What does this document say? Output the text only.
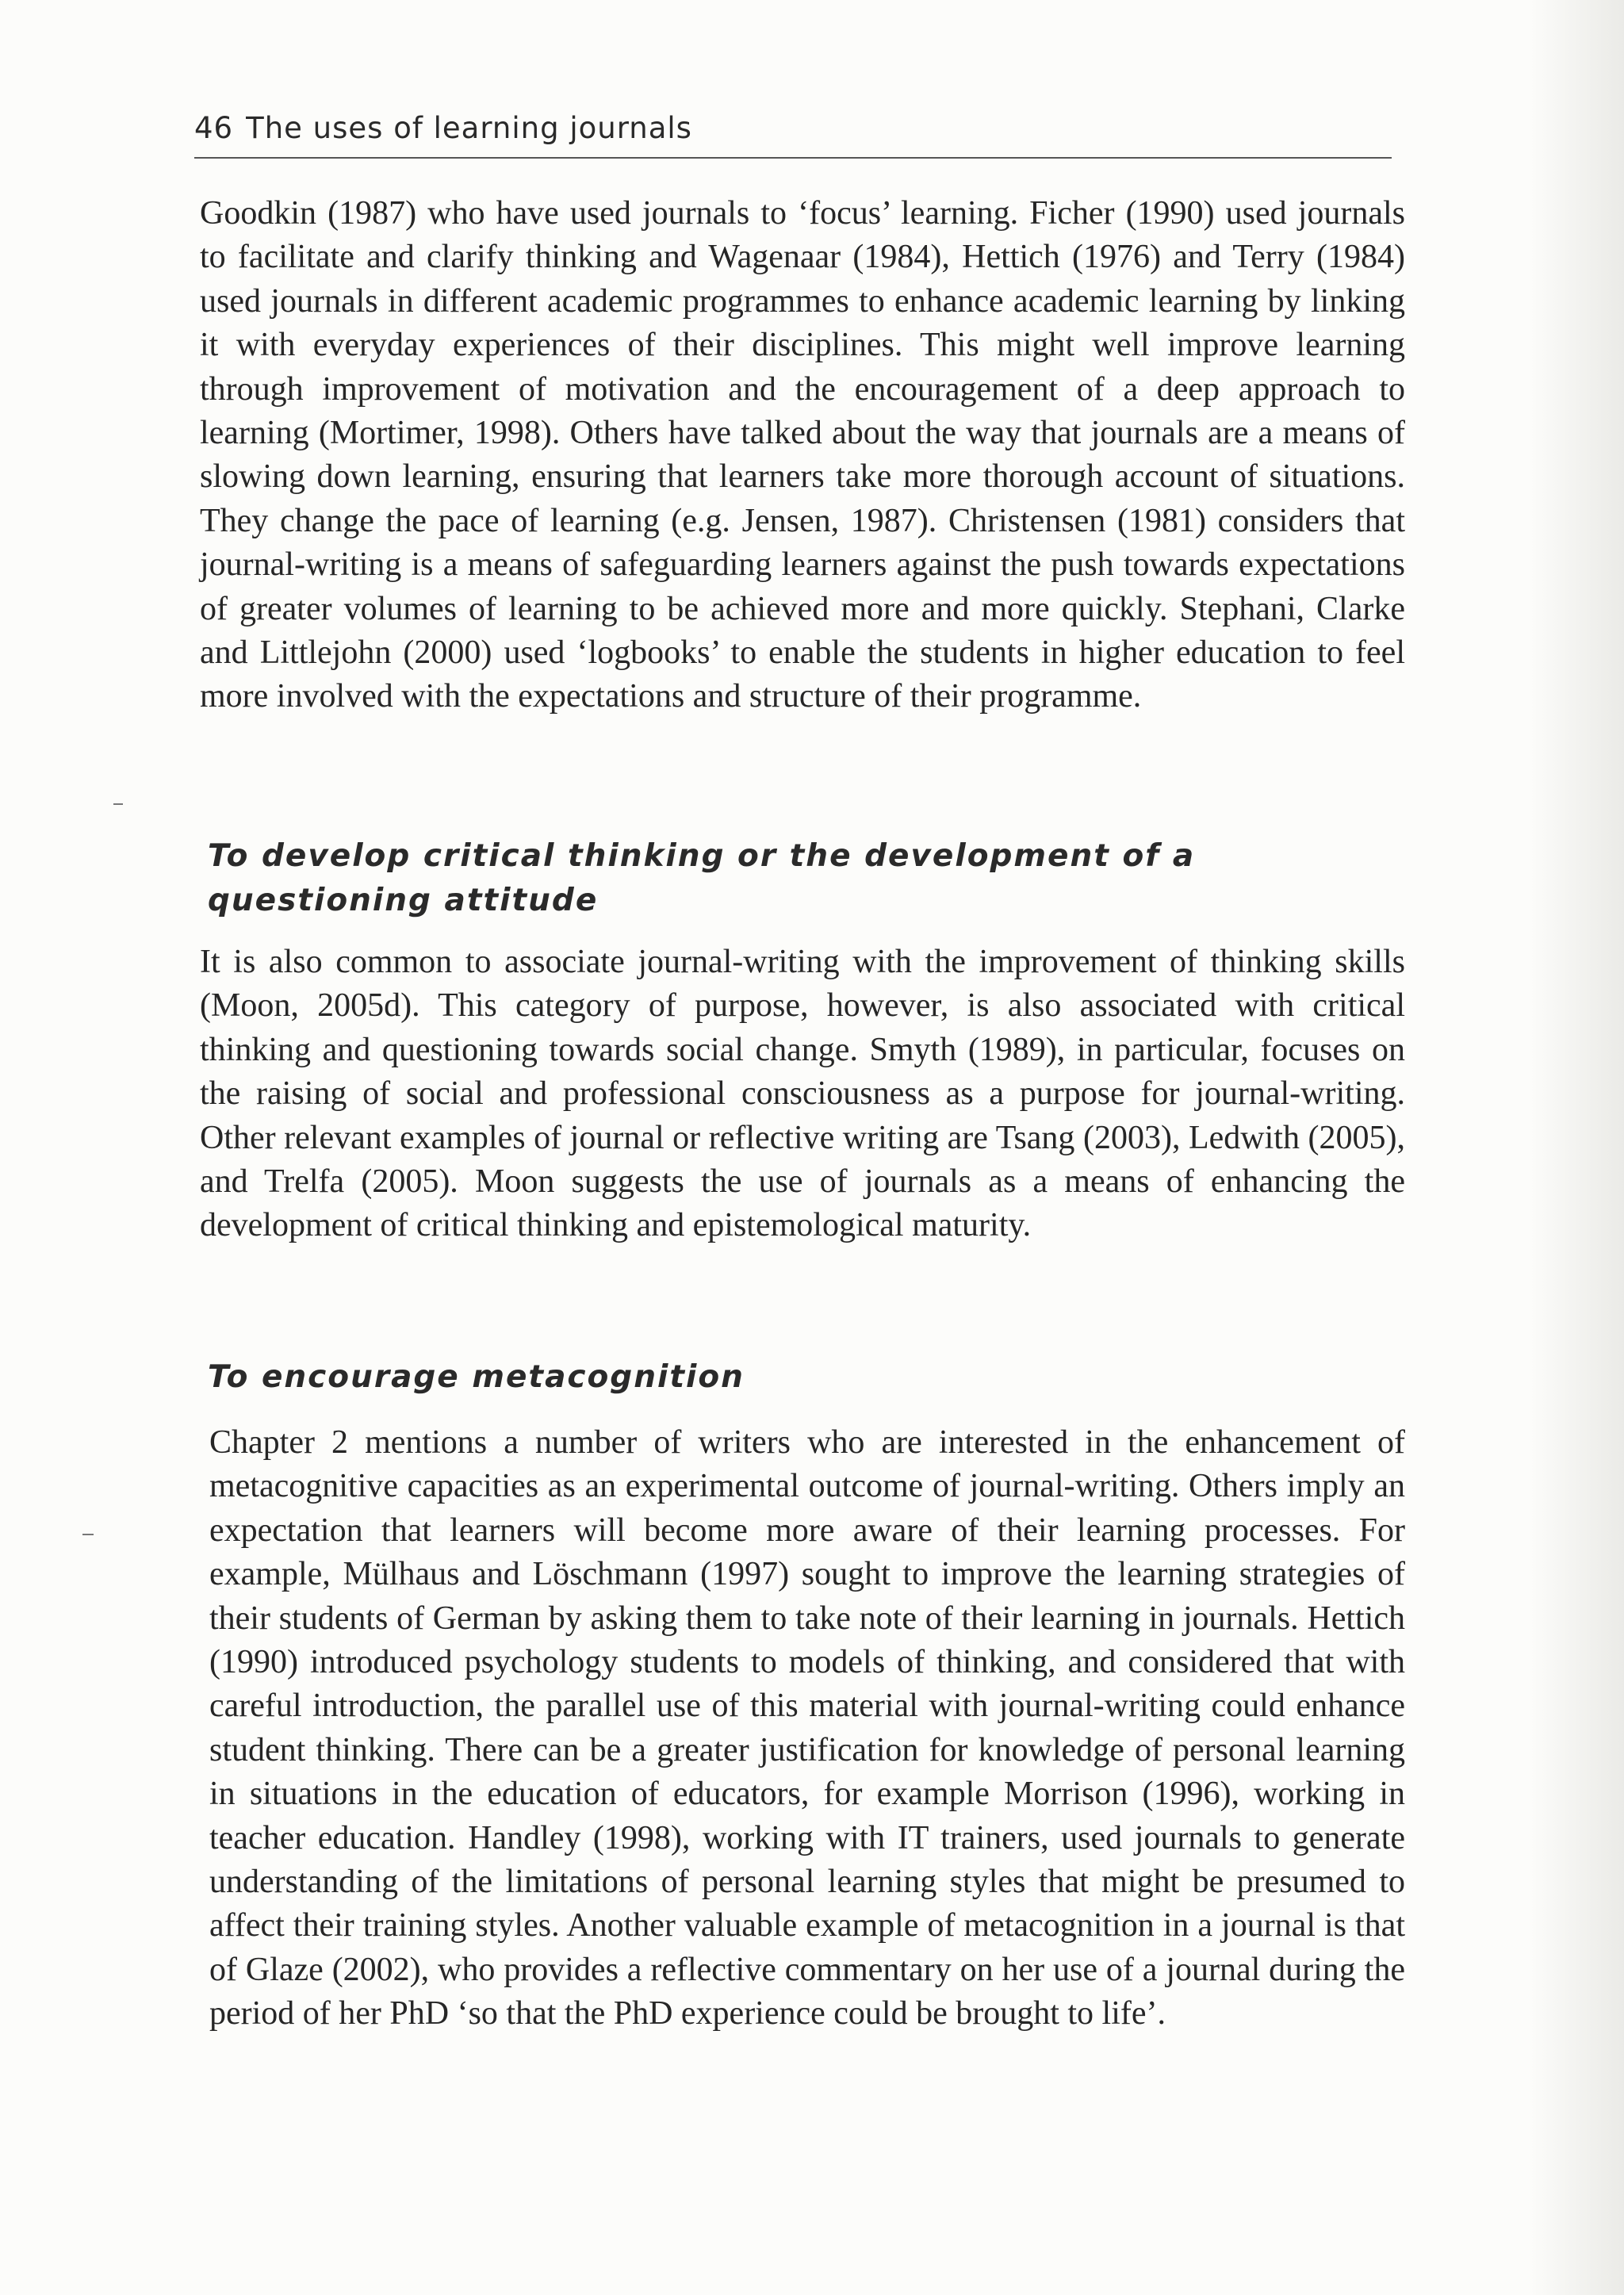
46 The uses of learning journals

Goodkin (1987) who have used journals to ‘focus’ learning. Ficher (1990) used journals to facilitate and clarify thinking and Wagenaar (1984), Hettich (1976) and Terry (1984) used journals in different academic programmes to enhance academic learning by linking it with everyday experiences of their disciplines. This might well improve learning through improvement of motivation and the encouragement of a deep approach to learning (Mortimer, 1998). Others have talked about the way that journals are a means of slowing down learning, ensuring that learners take more thorough account of situations. They change the pace of learning (e.g. Jensen, 1987). Christensen (1981) considers that journal-writing is a means of safeguarding learners against the push towards expectations of greater volumes of learning to be achieved more and more quickly. Stephani, Clarke and Littlejohn (2000) used ‘logbooks’ to enable the students in higher education to feel more involved with the expectations and structure of their programme.

To develop critical thinking or the development of a questioning attitude

It is also common to associate journal-writing with the improvement of thinking skills (Moon, 2005d). This category of purpose, however, is also associated with critical thinking and questioning towards social change. Smyth (1989), in particular, focuses on the raising of social and professional consciousness as a purpose for journal-writing. Other relevant examples of journal or reflective writing are Tsang (2003), Ledwith (2005), and Trelfa (2005). Moon suggests the use of journals as a means of enhancing the development of critical thinking and epistemological maturity.

To encourage metacognition

Chapter 2 mentions a number of writers who are interested in the enhancement of metacognitive capacities as an experimental outcome of journal-writing. Others imply an expectation that learners will become more aware of their learning processes. For example, Mülhaus and Löschmann (1997) sought to improve the learning strategies of their students of German by asking them to take note of their learning in journals. Hettich (1990) introduced psychology students to models of thinking, and considered that with careful introduction, the parallel use of this material with journal-writing could enhance student thinking. There can be a greater justification for knowledge of personal learning in situations in the education of educators, for example Morrison (1996), working in teacher education. Handley (1998), working with IT trainers, used journals to generate understanding of the limitations of personal learning styles that might be presumed to affect their training styles. Another valuable example of metacognition in a journal is that of Glaze (2002), who provides a reflective commentary on her use of a journal during the period of her PhD ‘so that the PhD experience could be brought to life’.
